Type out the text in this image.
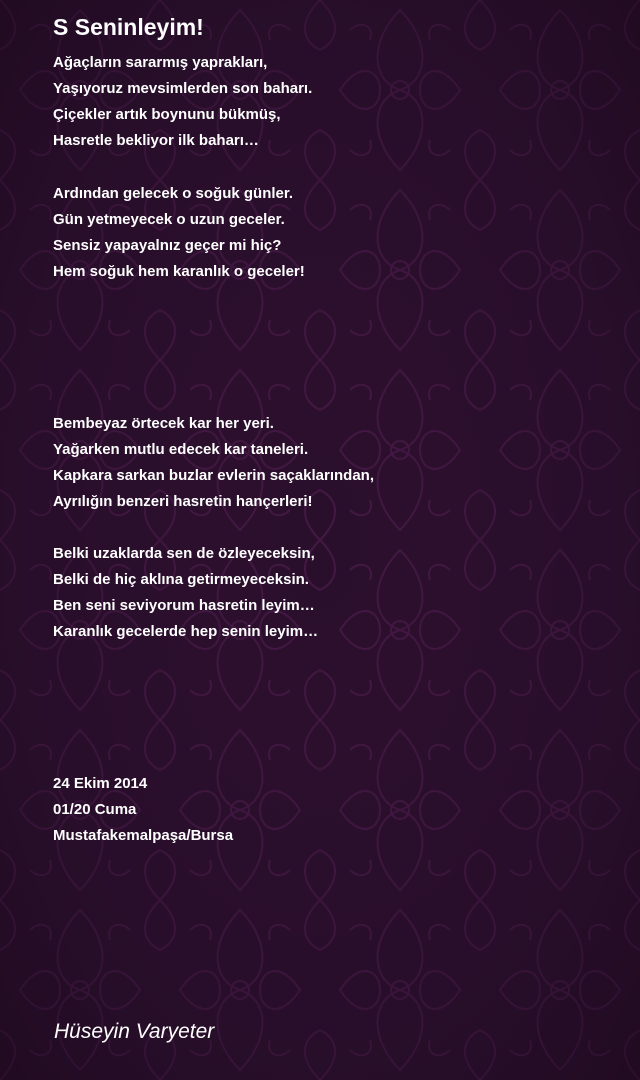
S Seninleyim!
Ağaçların sararmış yaprakları,
Yaşıyoruz mevsimlerden son baharı.
Çiçekler artık boynunu bükmüş,
Hasretle bekliyor ilk baharı…
Ardından gelecek o soğuk günler.
Gün yetmeyecek o uzun geceler.
Sensiz yapayalnız geçer mi hiç?
Hem soğuk hem karanlık o geceler!
Bembeyaz örtecek kar her yeri.
Yağarken mutlu edecek kar taneleri.
Kapkara sarkan buzlar evlerin saçaklarından,
Ayrılığın benzeri hasretin hançerleri!
Belki uzaklarda sen de özleyeceksin,
Belki de hiç aklına getirmeyeceksin.
Ben seni seviyorum hasretin leyim…
Karanlık gecelerde hep senin leyim…
24 Ekim 2014
01/20 Cuma
Mustafakemalpaşa/Bursa

Hüseyin Varyeter
